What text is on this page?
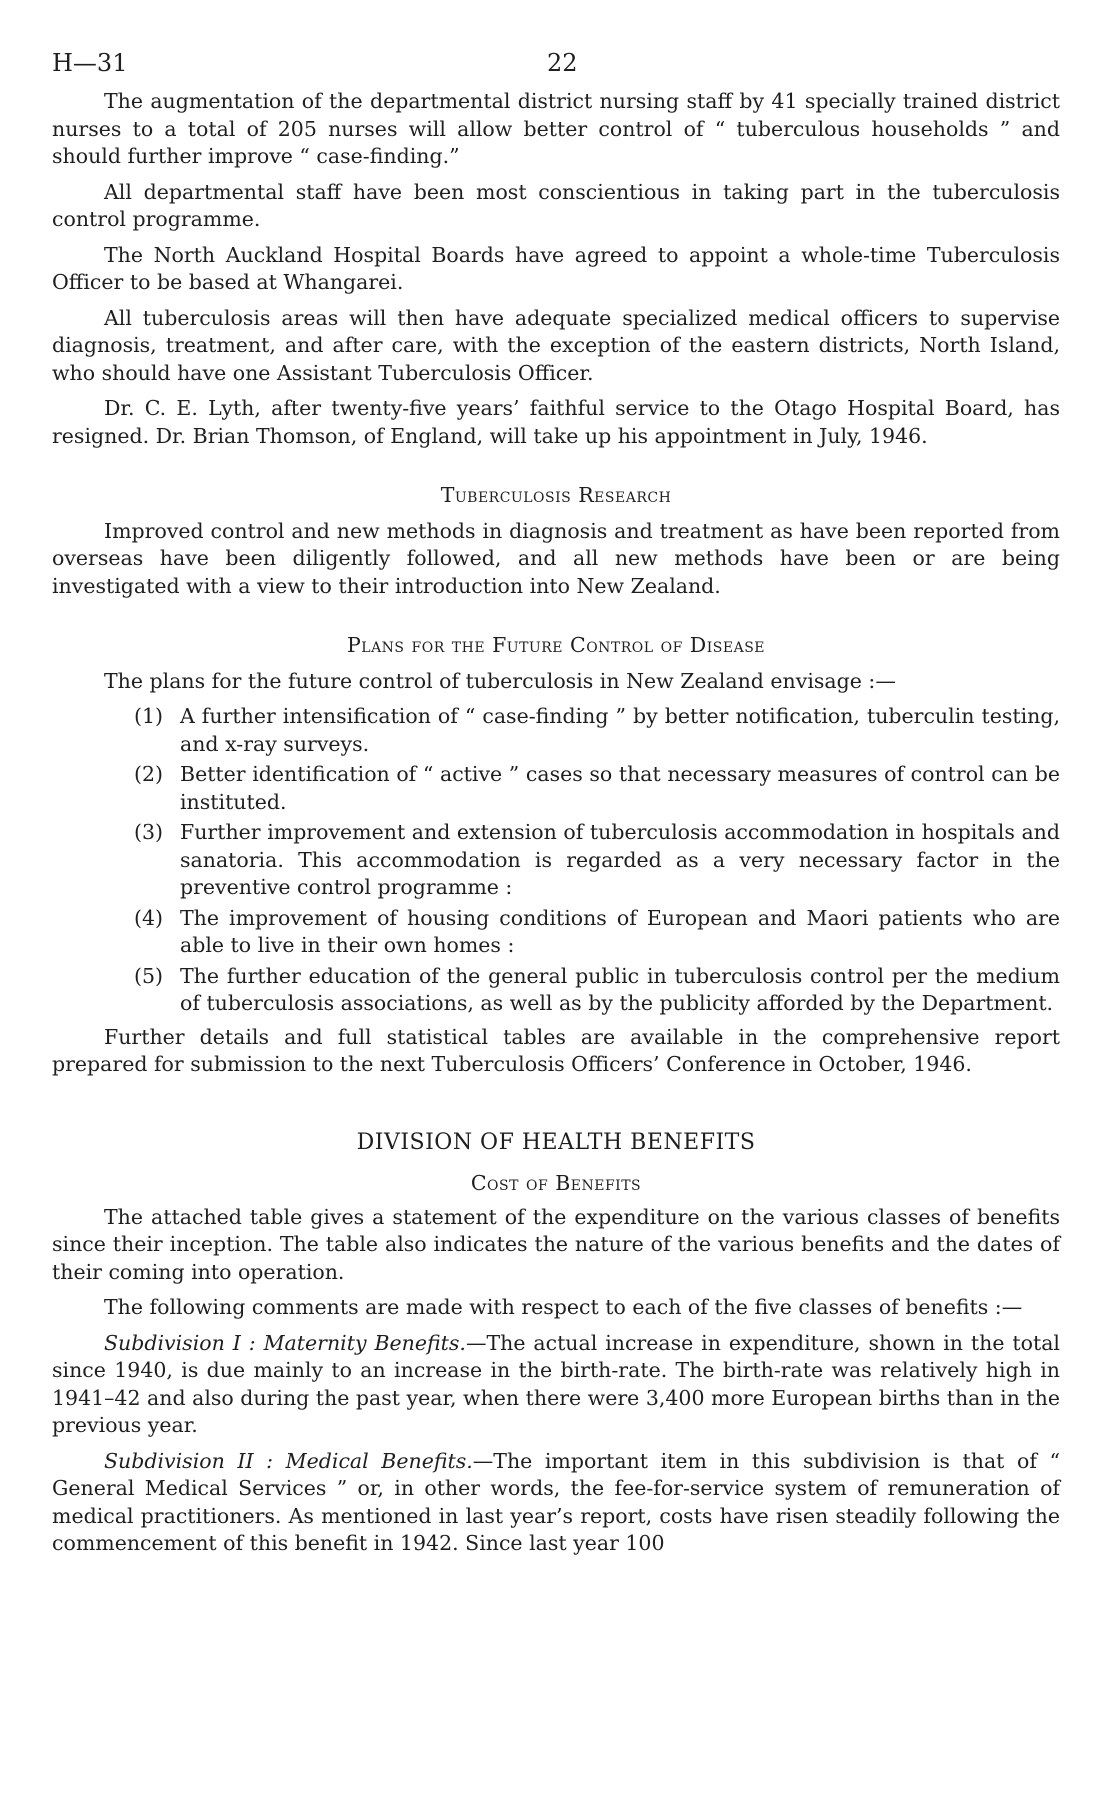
H—31	22

The augmentation of the departmental district nursing staff by 41 specially trained district nurses to a total of 205 nurses will allow better control of “ tuberculous households ” and should further improve “ case-finding.”

All departmental staff have been most conscientious in taking part in the tuberculosis control programme.

The North Auckland Hospital Boards have agreed to appoint a whole-time Tuberculosis Officer to be based at Whangarei.

All tuberculosis areas will then have adequate specialized medical officers to supervise diagnosis, treatment, and after care, with the exception of the eastern districts, North Island, who should have one Assistant Tuberculosis Officer.

Dr. C. E. Lyth, after twenty-five years’ faithful service to the Otago Hospital Board, has resigned. Dr. Brian Thomson, of England, will take up his appointment in July, 1946.

Tuberculosis Research

Improved control and new methods in diagnosis and treatment as have been reported from overseas have been diligently followed, and all new methods have been or are being investigated with a view to their introduction into New Zealand.

Plans for the Future Control of Disease

The plans for the future control of tuberculosis in New Zealand envisage :—

(1) A further intensification of “ case-finding ” by better notification, tuberculin testing, and x-ray surveys.
(2) Better identification of “ active ” cases so that necessary measures of control can be instituted.
(3) Further improvement and extension of tuberculosis accommodation in hospitals and sanatoria. This accommodation is regarded as a very necessary factor in the preventive control programme :
(4) The improvement of housing conditions of European and Maori patients who are able to live in their own homes :
(5) The further education of the general public in tuberculosis control per the medium of tuberculosis associations, as well as by the publicity afforded by the Department.

Further details and full statistical tables are available in the comprehensive report prepared for submission to the next Tuberculosis Officers’ Conference in October, 1946.

DIVISION OF HEALTH BENEFITS
Cost of Benefits

The attached table gives a statement of the expenditure on the various classes of benefits since their inception. The table also indicates the nature of the various benefits and the dates of their coming into operation.

The following comments are made with respect to each of the five classes of benefits :—

Subdivision I : Maternity Benefits.—The actual increase in expenditure, shown in the total since 1940, is due mainly to an increase in the birth-rate. The birth-rate was relatively high in 1941–42 and also during the past year, when there were 3,400 more European births than in the previous year.

Subdivision II : Medical Benefits.—The important item in this subdivision is that of “ General Medical Services ” or, in other words, the fee-for-service system of remuneration of medical practitioners. As mentioned in last year’s report, costs have risen steadily following the commencement of this benefit in 1942. Since last year 100
